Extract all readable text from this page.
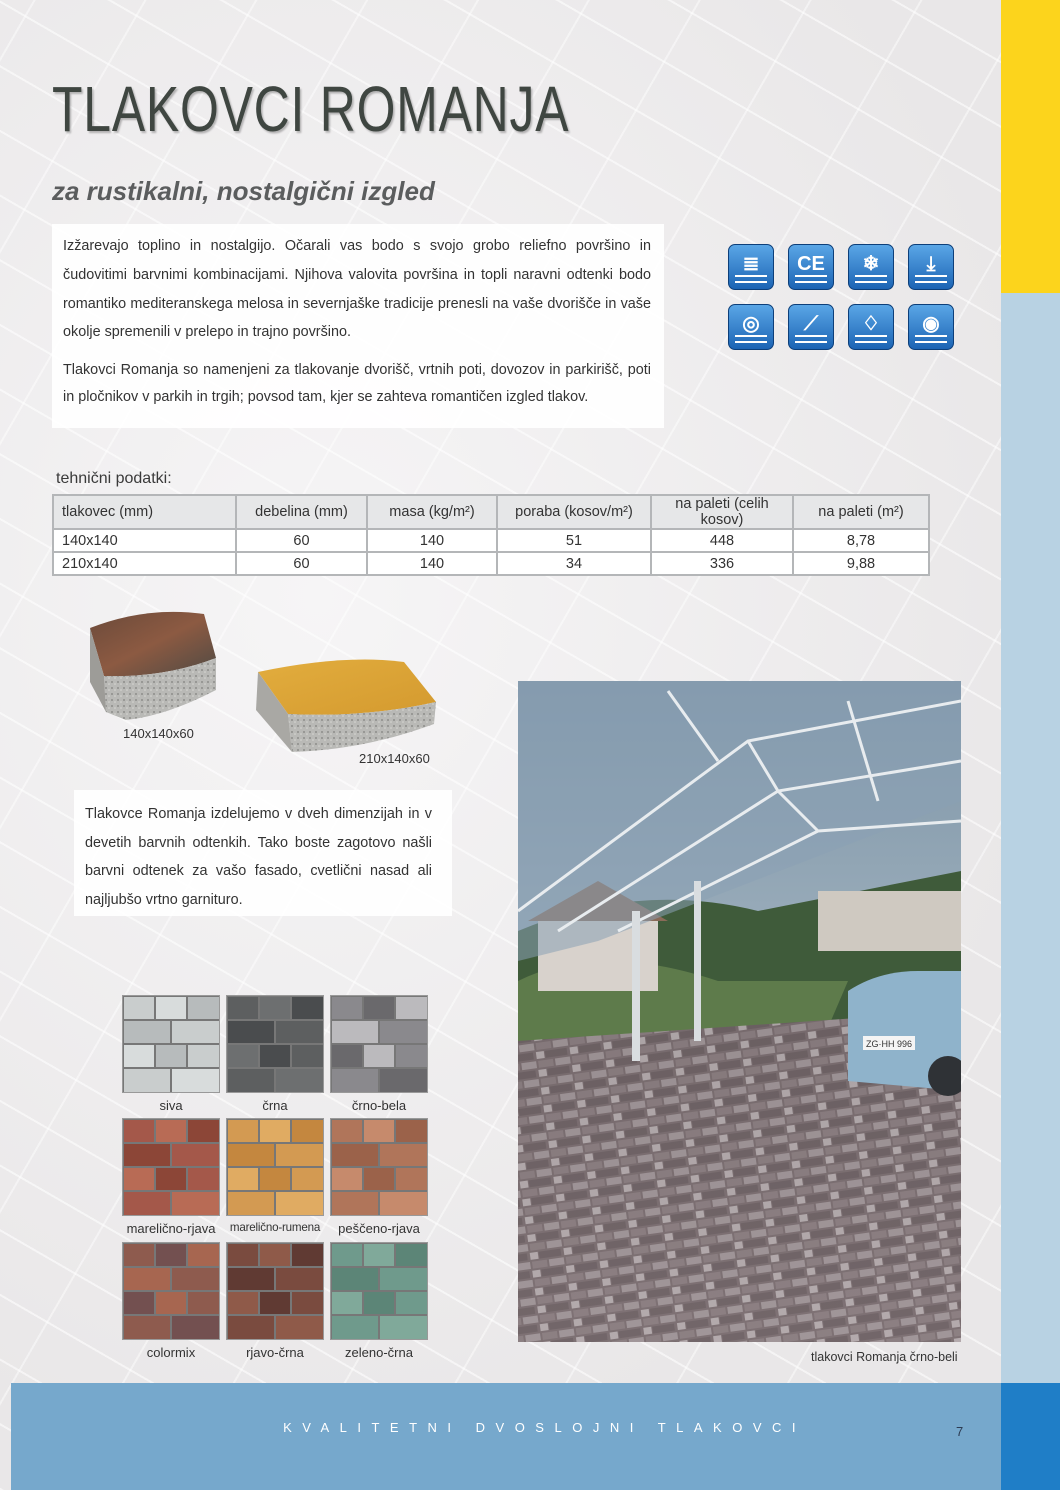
TLAKOVCI ROMANJA
za rustikalni, nostalgični izgled

Izžarevajo toplino in nostalgijo. Očarali vas bodo s svojo grobo reliefno površino in čudovitimi barvnimi kombinacijami. Njihova valovita površina in topli naravni odtenki bodo romantiko mediteranskega melosa in severnjaške tradicije prenesli na vaše dvorišče in vaše okolje spremenili v prelepo in trajno površino.

Tlakovci Romanja so namenjeni za tlakovanje dvorišč, vrtnih poti, dovozov in parkirišč, poti in pločnikov v parkih in trgih; povsod tam, kjer se zahteva romantičen izgled tlakov.

≣	CE	❄	⤓
◎	⟋	♢	◉

tehnični podatki:

tlakovec (mm)	debelina (mm)	masa (kg/m²)	poraba (kosov/m²)	na paleti (celih kosov)	na paleti (m²)
140x140	60	140	51	448	8,78
210x140	60	140	34	336	9,88
140x140x60
210x140x60

Tlakovce Romanja izdelujemo v dveh dimenzijah in v devetih barvnih odtenkih. Tako boste zagotovo našli barvni odtenek za vašo fasado, cvetlični nasad ali najljubšo vrtno garnituro.

siva	črna	črno-bela
marelično-rjava	marelično-rumena	peščeno-rjava
colormix	rjavo-črna	zeleno-črna
ZG·HH 996
tlakovci Romanja črno-beli
KVALITETNI DVOSLOJNI TLAKOVCI	7
